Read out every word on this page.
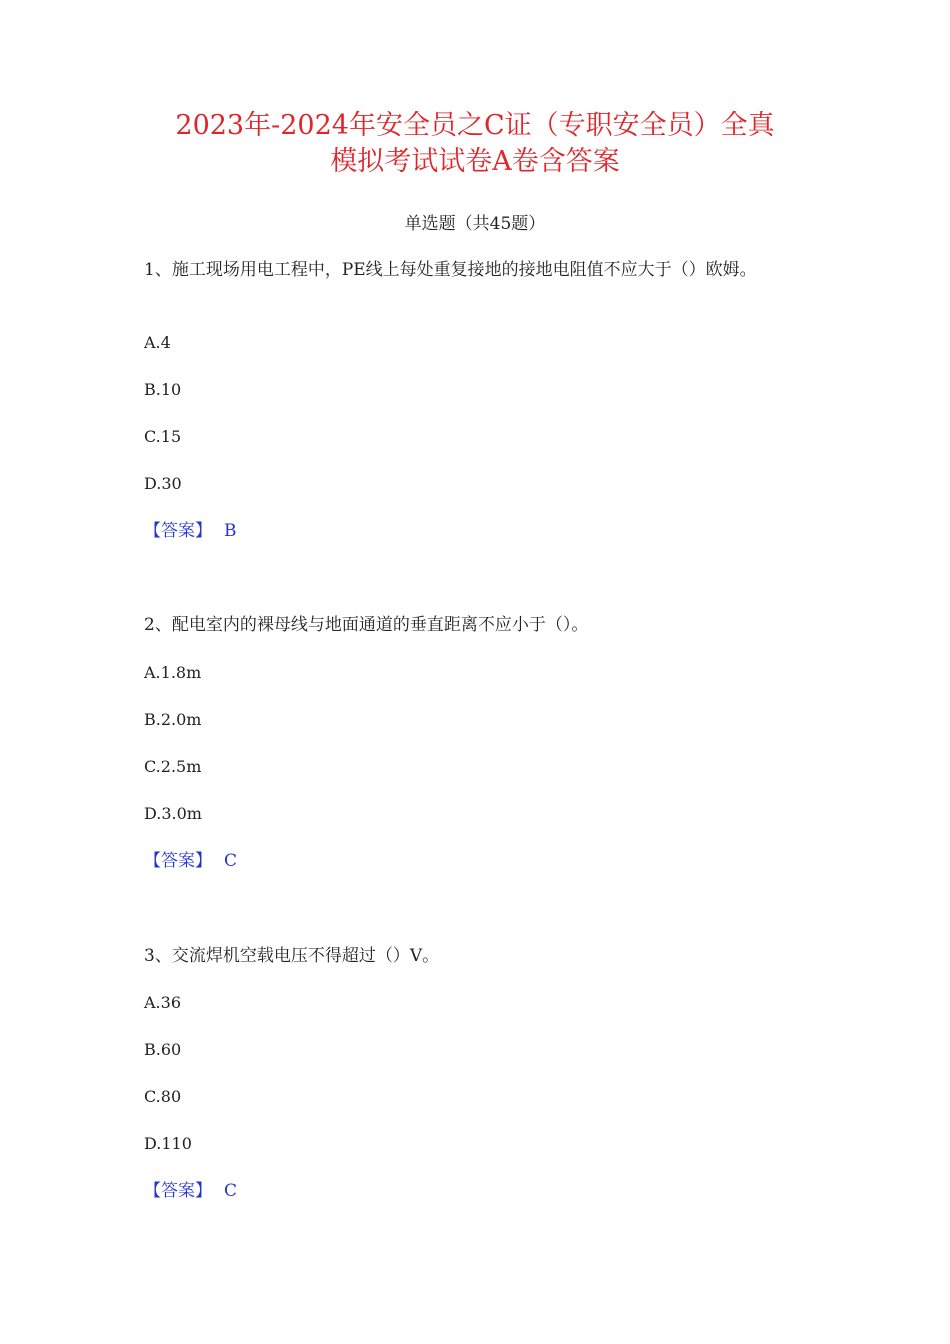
2023年-2024年安全员之C证（专职安全员）全真
模拟考试试卷A卷含答案
单选题（共45题）

1、施工现场用电工程中，PE线上每处重复接地的接地电阻值不应大于（）欧姆。

A.4

B.10

C.15

D.30

【答案】 B

2、配电室内的裸母线与地面通道的垂直距离不应小于（）。

A.1.8m

B.2.0m

C.2.5m

D.3.0m

【答案】 C

3、交流焊机空载电压不得超过（）V。

A.36

B.60

C.80

D.110

【答案】 C
